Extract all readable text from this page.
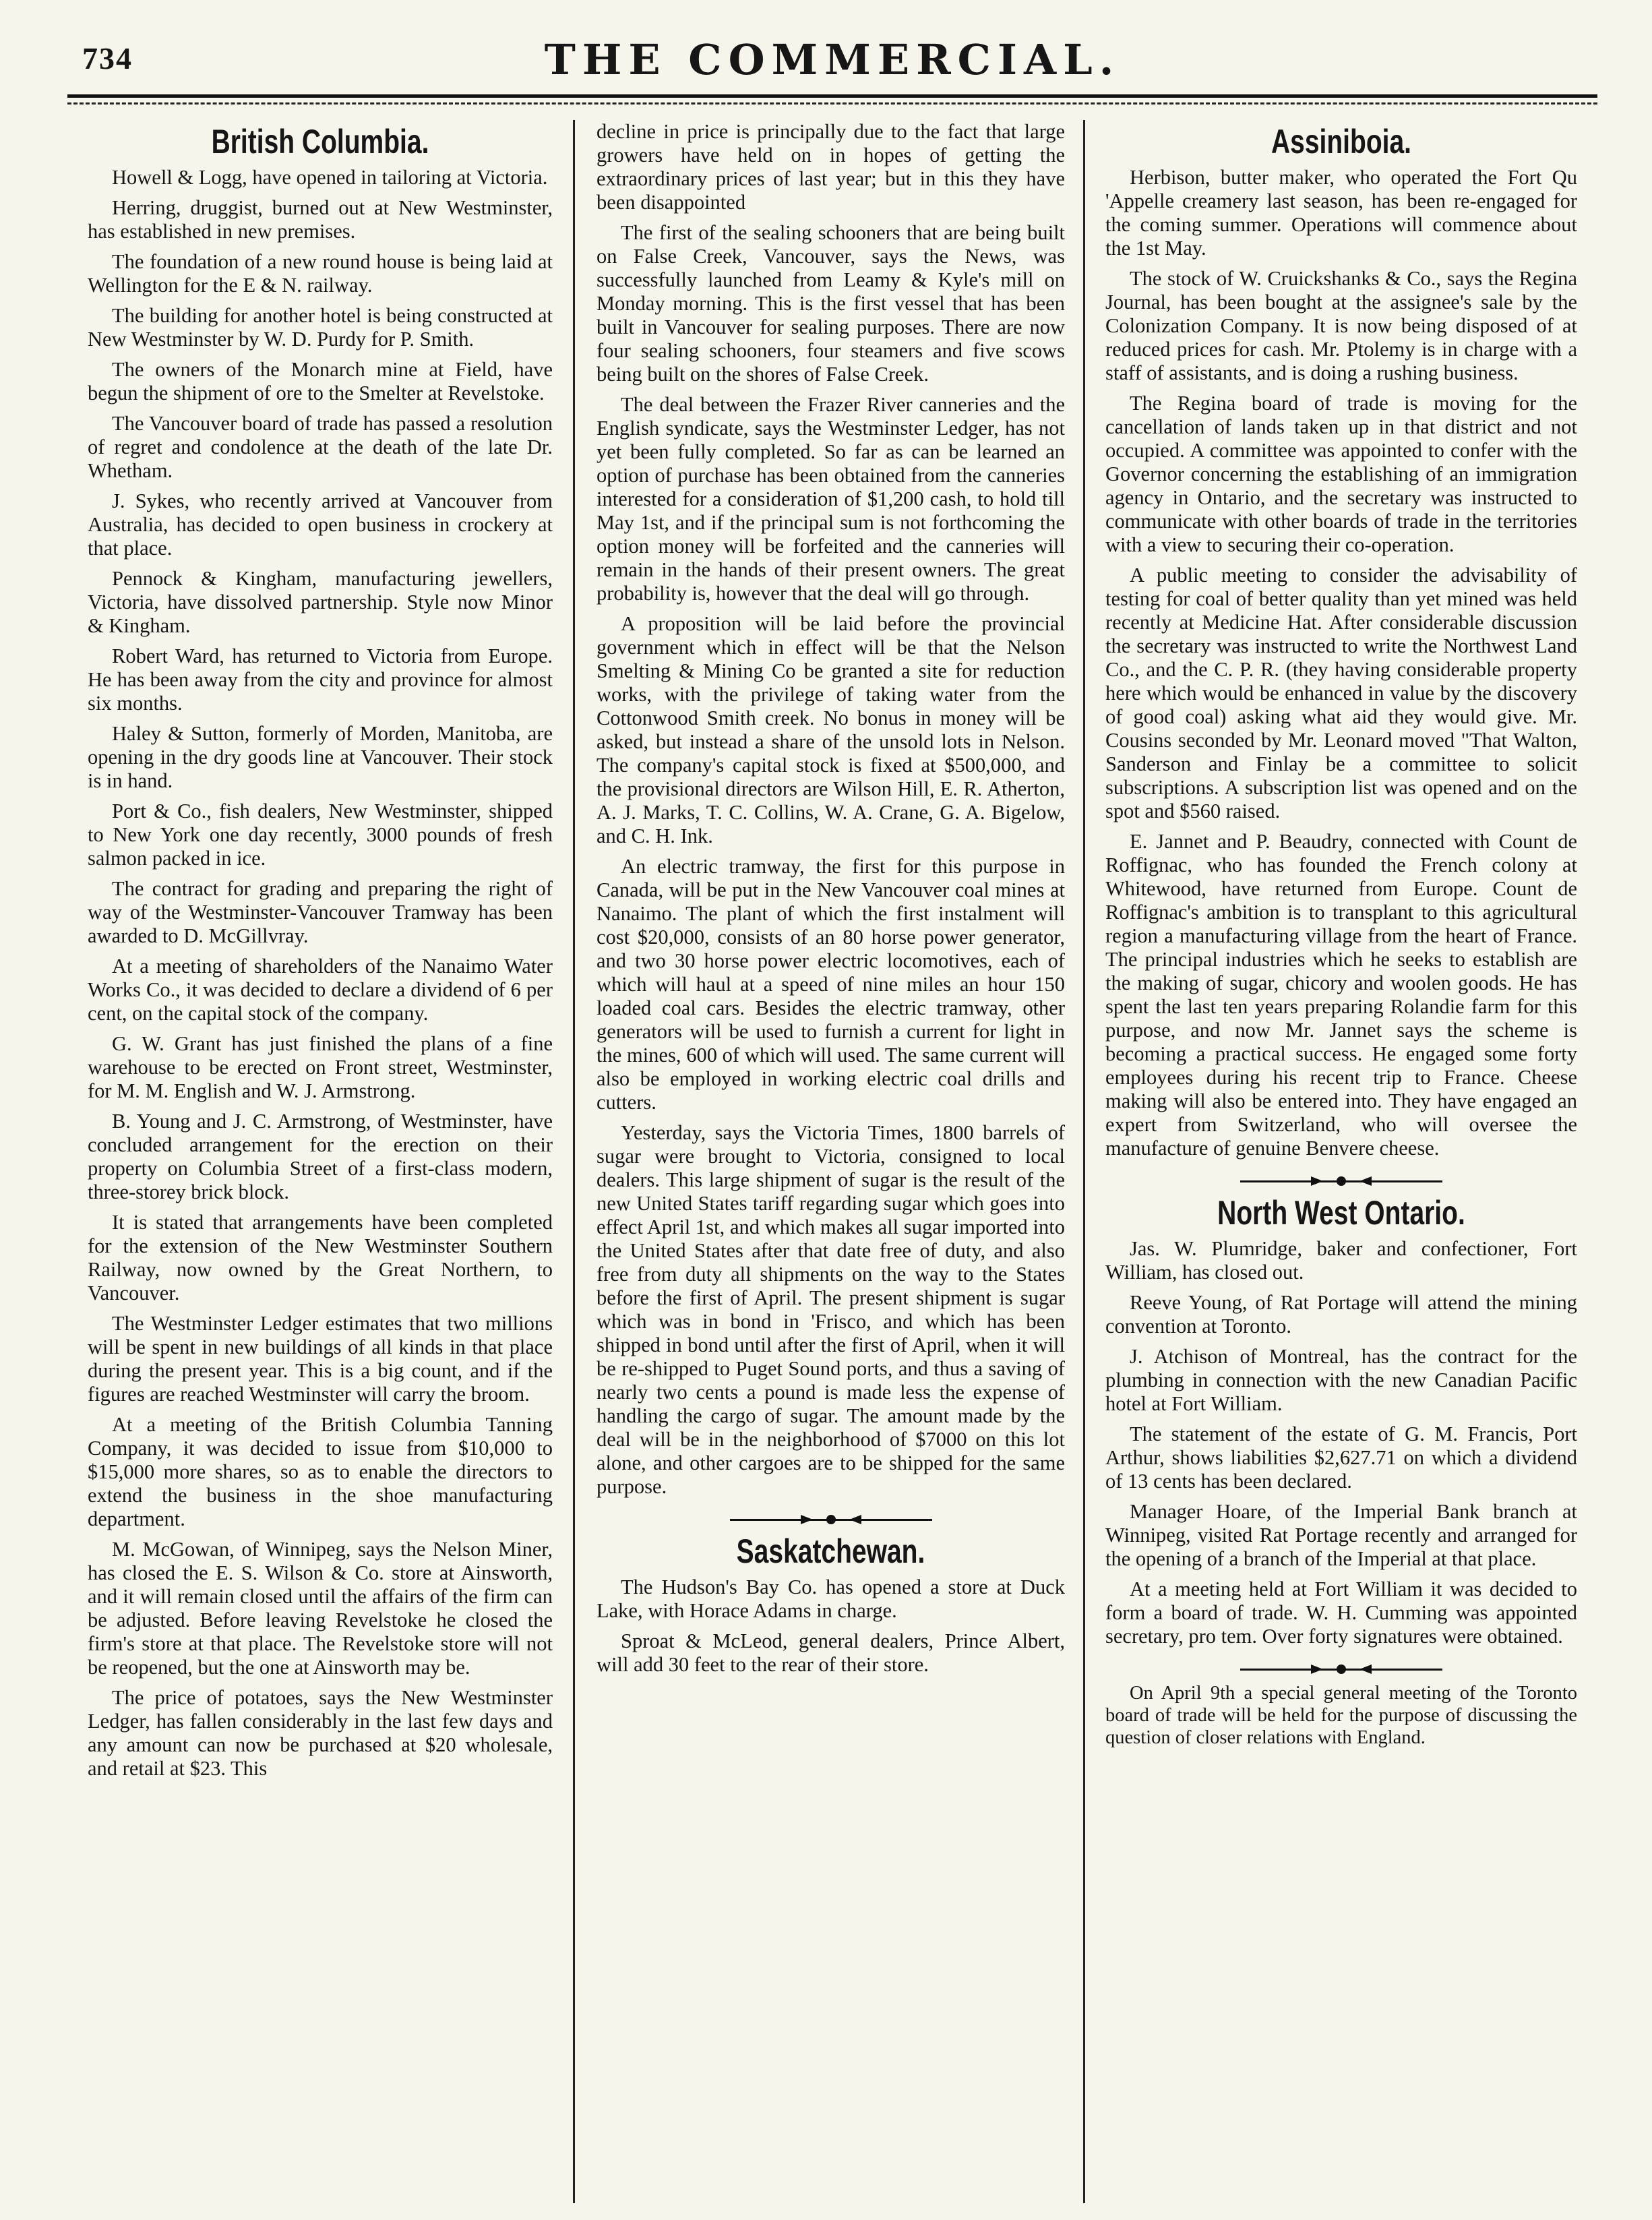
734	THE COMMERCIAL.
British Columbia.

Howell & Logg, have opened in tailoring at Victoria.

Herring, druggist, burned out at New Westminster, has established in new premises.

The foundation of a new round house is being laid at Wellington for the E & N. railway.

The building for another hotel is being constructed at New Westminster by W. D. Purdy for P. Smith.

The owners of the Monarch mine at Field, have begun the shipment of ore to the Smelter at Revelstoke.

The Vancouver board of trade has passed a resolution of regret and condolence at the death of the late Dr. Whetham.

J. Sykes, who recently arrived at Vancouver from Australia, has decided to open business in crockery at that place.

Pennock & Kingham, manufacturing jewellers, Victoria, have dissolved partnership. Style now Minor & Kingham.

Robert Ward, has returned to Victoria from Europe. He has been away from the city and province for almost six months.

Haley & Sutton, formerly of Morden, Manitoba, are opening in the dry goods line at Vancouver. Their stock is in hand.

Port & Co., fish dealers, New Westminster, shipped to New York one day recently, 3000 pounds of fresh salmon packed in ice.

The contract for grading and preparing the right of way of the Westminster-Vancouver Tramway has been awarded to D. McGillvray.

At a meeting of shareholders of the Nanaimo Water Works Co., it was decided to declare a dividend of 6 per cent, on the capital stock of the company.

G. W. Grant has just finished the plans of a fine warehouse to be erected on Front street, Westminster, for M. M. English and W. J. Armstrong.

B. Young and J. C. Armstrong, of Westminster, have concluded arrangement for the erection on their property on Columbia Street of a first-class modern, three-storey brick block.

It is stated that arrangements have been completed for the extension of the New Westminster Southern Railway, now owned by the Great Northern, to Vancouver.

The Westminster Ledger estimates that two millions will be spent in new buildings of all kinds in that place during the present year. This is a big count, and if the figures are reached Westminster will carry the broom.

At a meeting of the British Columbia Tanning Company, it was decided to issue from $10,000 to $15,000 more shares, so as to enable the directors to extend the business in the shoe manufacturing department.

M. McGowan, of Winnipeg, says the Nelson Miner, has closed the E. S. Wilson & Co. store at Ainsworth, and it will remain closed until the affairs of the firm can be adjusted. Before leaving Revelstoke he closed the firm's store at that place. The Revelstoke store will not be reopened, but the one at Ainsworth may be.

The price of potatoes, says the New Westminster Ledger, has fallen considerably in the last few days and any amount can now be purchased at $20 wholesale, and retail at $23. This

decline in price is principally due to the fact that large growers have held on in hopes of getting the extraordinary prices of last year; but in this they have been disappointed

The first of the sealing schooners that are being built on False Creek, Vancouver, says the News, was successfully launched from Leamy & Kyle's mill on Monday morning. This is the first vessel that has been built in Vancouver for sealing purposes. There are now four sealing schooners, four steamers and five scows being built on the shores of False Creek.

The deal between the Frazer River canneries and the English syndicate, says the Westminster Ledger, has not yet been fully completed. So far as can be learned an option of purchase has been obtained from the canneries interested for a consideration of $1,200 cash, to hold till May 1st, and if the principal sum is not forthcoming the option money will be forfeited and the canneries will remain in the hands of their present owners. The great probability is, however that the deal will go through.

A proposition will be laid before the provincial government which in effect will be that the Nelson Smelting & Mining Co be granted a site for reduction works, with the privilege of taking water from the Cottonwood Smith creek. No bonus in money will be asked, but instead a share of the unsold lots in Nelson. The company's capital stock is fixed at $500,000, and the provisional directors are Wilson Hill, E. R. Atherton, A. J. Marks, T. C. Collins, W. A. Crane, G. A. Bigelow, and C. H. Ink.

An electric tramway, the first for this purpose in Canada, will be put in the New Vancouver coal mines at Nanaimo. The plant of which the first instalment will cost $20,000, consists of an 80 horse power generator, and two 30 horse power electric locomotives, each of which will haul at a speed of nine miles an hour 150 loaded coal cars. Besides the electric tramway, other generators will be used to furnish a current for light in the mines, 600 of which will used. The same current will also be employed in working electric coal drills and cutters.

Yesterday, says the Victoria Times, 1800 barrels of sugar were brought to Victoria, consigned to local dealers. This large shipment of sugar is the result of the new United States tariff regarding sugar which goes into effect April 1st, and which makes all sugar imported into the United States after that date free of duty, and also free from duty all shipments on the way to the States before the first of April. The present shipment is sugar which was in bond in 'Frisco, and which has been shipped in bond until after the first of April, when it will be re-shipped to Puget Sound ports, and thus a saving of nearly two cents a pound is made less the expense of handling the cargo of sugar. The amount made by the deal will be in the neighborhood of $7000 on this lot alone, and other cargoes are to be shipped for the same purpose.

Saskatchewan.

The Hudson's Bay Co. has opened a store at Duck Lake, with Horace Adams in charge.

Sproat & McLeod, general dealers, Prince Albert, will add 30 feet to the rear of their store.

Assiniboia.

Herbison, butter maker, who operated the Fort Qu 'Appelle creamery last season, has been re-engaged for the coming summer. Operations will commence about the 1st May.

The stock of W. Cruickshanks & Co., says the Regina Journal, has been bought at the assignee's sale by the Colonization Company. It is now being disposed of at reduced prices for cash. Mr. Ptolemy is in charge with a staff of assistants, and is doing a rushing business.

The Regina board of trade is moving for the cancellation of lands taken up in that district and not occupied. A committee was appointed to confer with the Governor concerning the establishing of an immigration agency in Ontario, and the secretary was instructed to communicate with other boards of trade in the territories with a view to securing their co-operation.

A public meeting to consider the advisability of testing for coal of better quality than yet mined was held recently at Medicine Hat. After considerable discussion the secretary was instructed to write the Northwest Land Co., and the C. P. R. (they having considerable property here which would be enhanced in value by the discovery of good coal) asking what aid they would give. Mr. Cousins seconded by Mr. Leonard moved "That Walton, Sanderson and Finlay be a committee to solicit subscriptions. A subscription list was opened and on the spot and $560 raised.

E. Jannet and P. Beaudry, connected with Count de Roffignac, who has founded the French colony at Whitewood, have returned from Europe. Count de Roffignac's ambition is to transplant to this agricultural region a manufacturing village from the heart of France. The principal industries which he seeks to establish are the making of sugar, chicory and woolen goods. He has spent the last ten years preparing Rolandie farm for this purpose, and now Mr. Jannet says the scheme is becoming a practical success. He engaged some forty employees during his recent trip to France. Cheese making will also be entered into. They have engaged an expert from Switzerland, who will oversee the manufacture of genuine Benvere cheese.

North West Ontario.

Jas. W. Plumridge, baker and confectioner, Fort William, has closed out.

Reeve Young, of Rat Portage will attend the mining convention at Toronto.

J. Atchison of Montreal, has the contract for the plumbing in connection with the new Canadian Pacific hotel at Fort William.

The statement of the estate of G. M. Francis, Port Arthur, shows liabilities $2,627.71 on which a dividend of 13 cents has been declared.

Manager Hoare, of the Imperial Bank branch at Winnipeg, visited Rat Portage recently and arranged for the opening of a branch of the Imperial at that place.

At a meeting held at Fort William it was decided to form a board of trade. W. H. Cumming was appointed secretary, pro tem. Over forty signatures were obtained.

On April 9th a special general meeting of the Toronto board of trade will be held for the purpose of discussing the question of closer relations with England.
